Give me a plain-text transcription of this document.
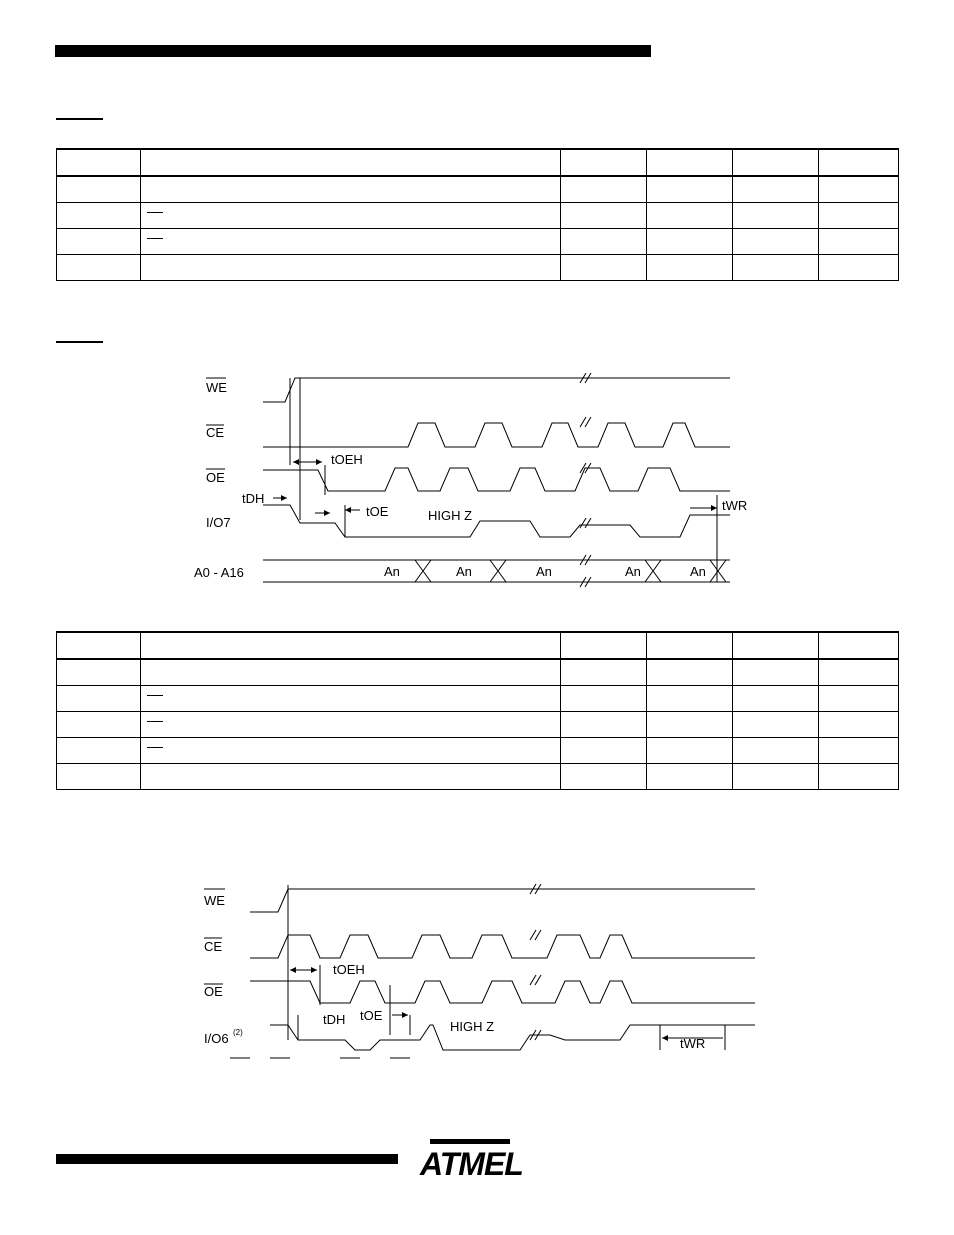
WE
CE
OE
I/O7
A0 - A16
tOEH
tDH
tOE	HIGH Z
tWR
An	An	An	An	An

WE
CE
OE
I/O6 (2)
tOEH
tDH tOE
HIGH Z
tWR
ATMEL
